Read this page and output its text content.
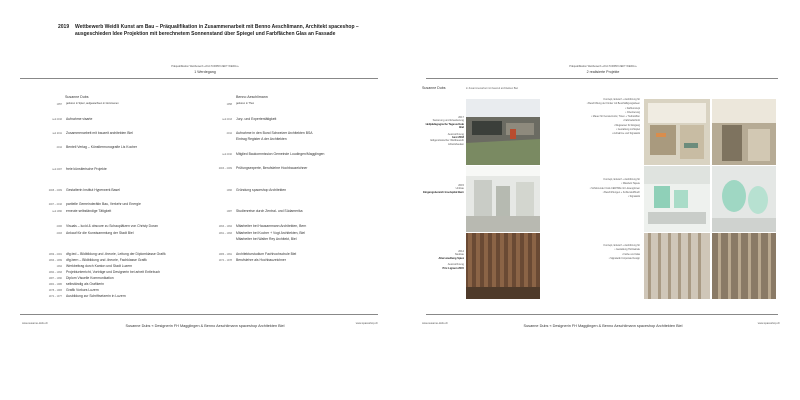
2019 Wettbewerb Weidli Kunst am Bau – Präqualifikation in Zusammenarbeit mit Benno Aeschlimann, Architekt spaceshop – ausgeschieden Idee Projektion mit berechnetem Sonnenstand über Spiegel und Farbflächen Glas an Fassade
Präqualifikation Wettbewerb «KULTURPROJEKT WEIDLI»
1 Werdegang
Susanne Dubs	Benno Aeschlimann
1957 geboren in Spiez, aufgewachsen in Gümmenen
seit 2016 Aufnahme visarte
seit 2011 Zusammenarbeit mit bauzeit architekten Biel
2012 Benteli Verlag – Künstlermonografie Lis Kocher
seit 2007 freie künstlerische Projekte
2008 – 2009 Gestalterin Institut Hyperwerk Basel
2007 – 2016 partielle Gemeinderätin Bau, Verkehr und Energie
seit 1990 erneute selbständige Tätigkeit
2006 Visuals – lucid & obscure zu Schauplätzen von Christy Doran
2003 Ankauf für die Kunstsammlung der Stadt Biel
1999 – 2001 dfg.ted – Bildbildung und -theorie, Leitung der Diplomklasse Grafik
1996 – 1999 dfg.bern – Bildbildung und -theorie, Fachklasse Grafik
1994 Werkbeitrag durch Kanton und Stadt Luzern
1990 – 1993 Projektunterricht, Vorträge und Designerin bei arbeit Entlebuch
1987 – 1990 Diplom Visuelle Kommunikation
1984 – 1986 selbständig als Grafikerin
1978 – 1983 Grafik Vorkurs Luzern
1972 – 1977 Ausbildung zur Schriftsetzerin in Luzern
1958 geboren in Thun
seit 2013 Jury- und Expertentätigkeit
2012 Aufnahme in den Bund Schweizer Architekten BSA
Eintrag Register A der Architekten
seit 2010 Mitglied Baukommission Gemeinde Loudingen/Magglingen
2003 – 2009 Prüfungsexperte, Berufslehre Hochbauzeichner
1996 Gründung spaceshop Architekten
1987 Studienreise durch Zentral- und Südamerika
1993 – 1994 Mitarbeiter bei Hausammann Architekten, Bern
1991 – 1993 Mitarbeiter bei Kocher + Vogt Architekten, Biel
Mitarbeiter bei Walter Rey Architekt, Biel
1986 – 1991 Architekturstudium Fachhochschule Biel
1974 – 1978 Berufslehre als Hochbauzeichner
www.susanne-dubs.ch
Susanne Dubs « Designerin FH Magglingen & Benno Aeschlimann spaceshop Architekten Biel
www.spaceshop.ch
Präqualifikation Wettbewerb «KULTURPROJEKT WEIDLI»
2 realisierte Projekte
Susanne Dubs	in Zusammenarbeit mit bauzeit architekten Biel
2017
Sanierung und Erweiterung
Heilpädagogische Tagesschule Biel
Auszeichnung
best 2018
Eidgenössischer Wettbewerb Arbeitsbauten
Konzept, Entwurf + Ausführung für
• Beschriftung der Kinder mit Beschäftigungsideen
• Farbkonzept
• Orientierung
• Mauer für Fenstermotiv, Türen + Treibstoffen
• Fahrradschrott
• Wegweiser für Eingang
• Gestaltung Lichtspiel
• Aufnahme und Signaletik
2015
Umbau
Eingangsbereich Inselspital Bern
Konzept, Entwurf + Ausführung für
• Wandeln Tapete
• Schützender Cork-CENTRE mit Löwengrünen
• Beschriftungen + Kohlenstoffbuch
• Signaletik
2014
Neubau
Alterssiedlung Spiez
Auszeichnung
Prix Lignum 2015
Konzept, Entwurf + Ausführung für
• Gestaltung Holzwände
• Farbe und Glas
• Signaletik Corporate Design
www.susanne-dubs.ch
Susanne Dubs « Designerin FH Magglingen & Benno Aeschlimann spaceshop Architekten Biel
www.spaceshop.ch
